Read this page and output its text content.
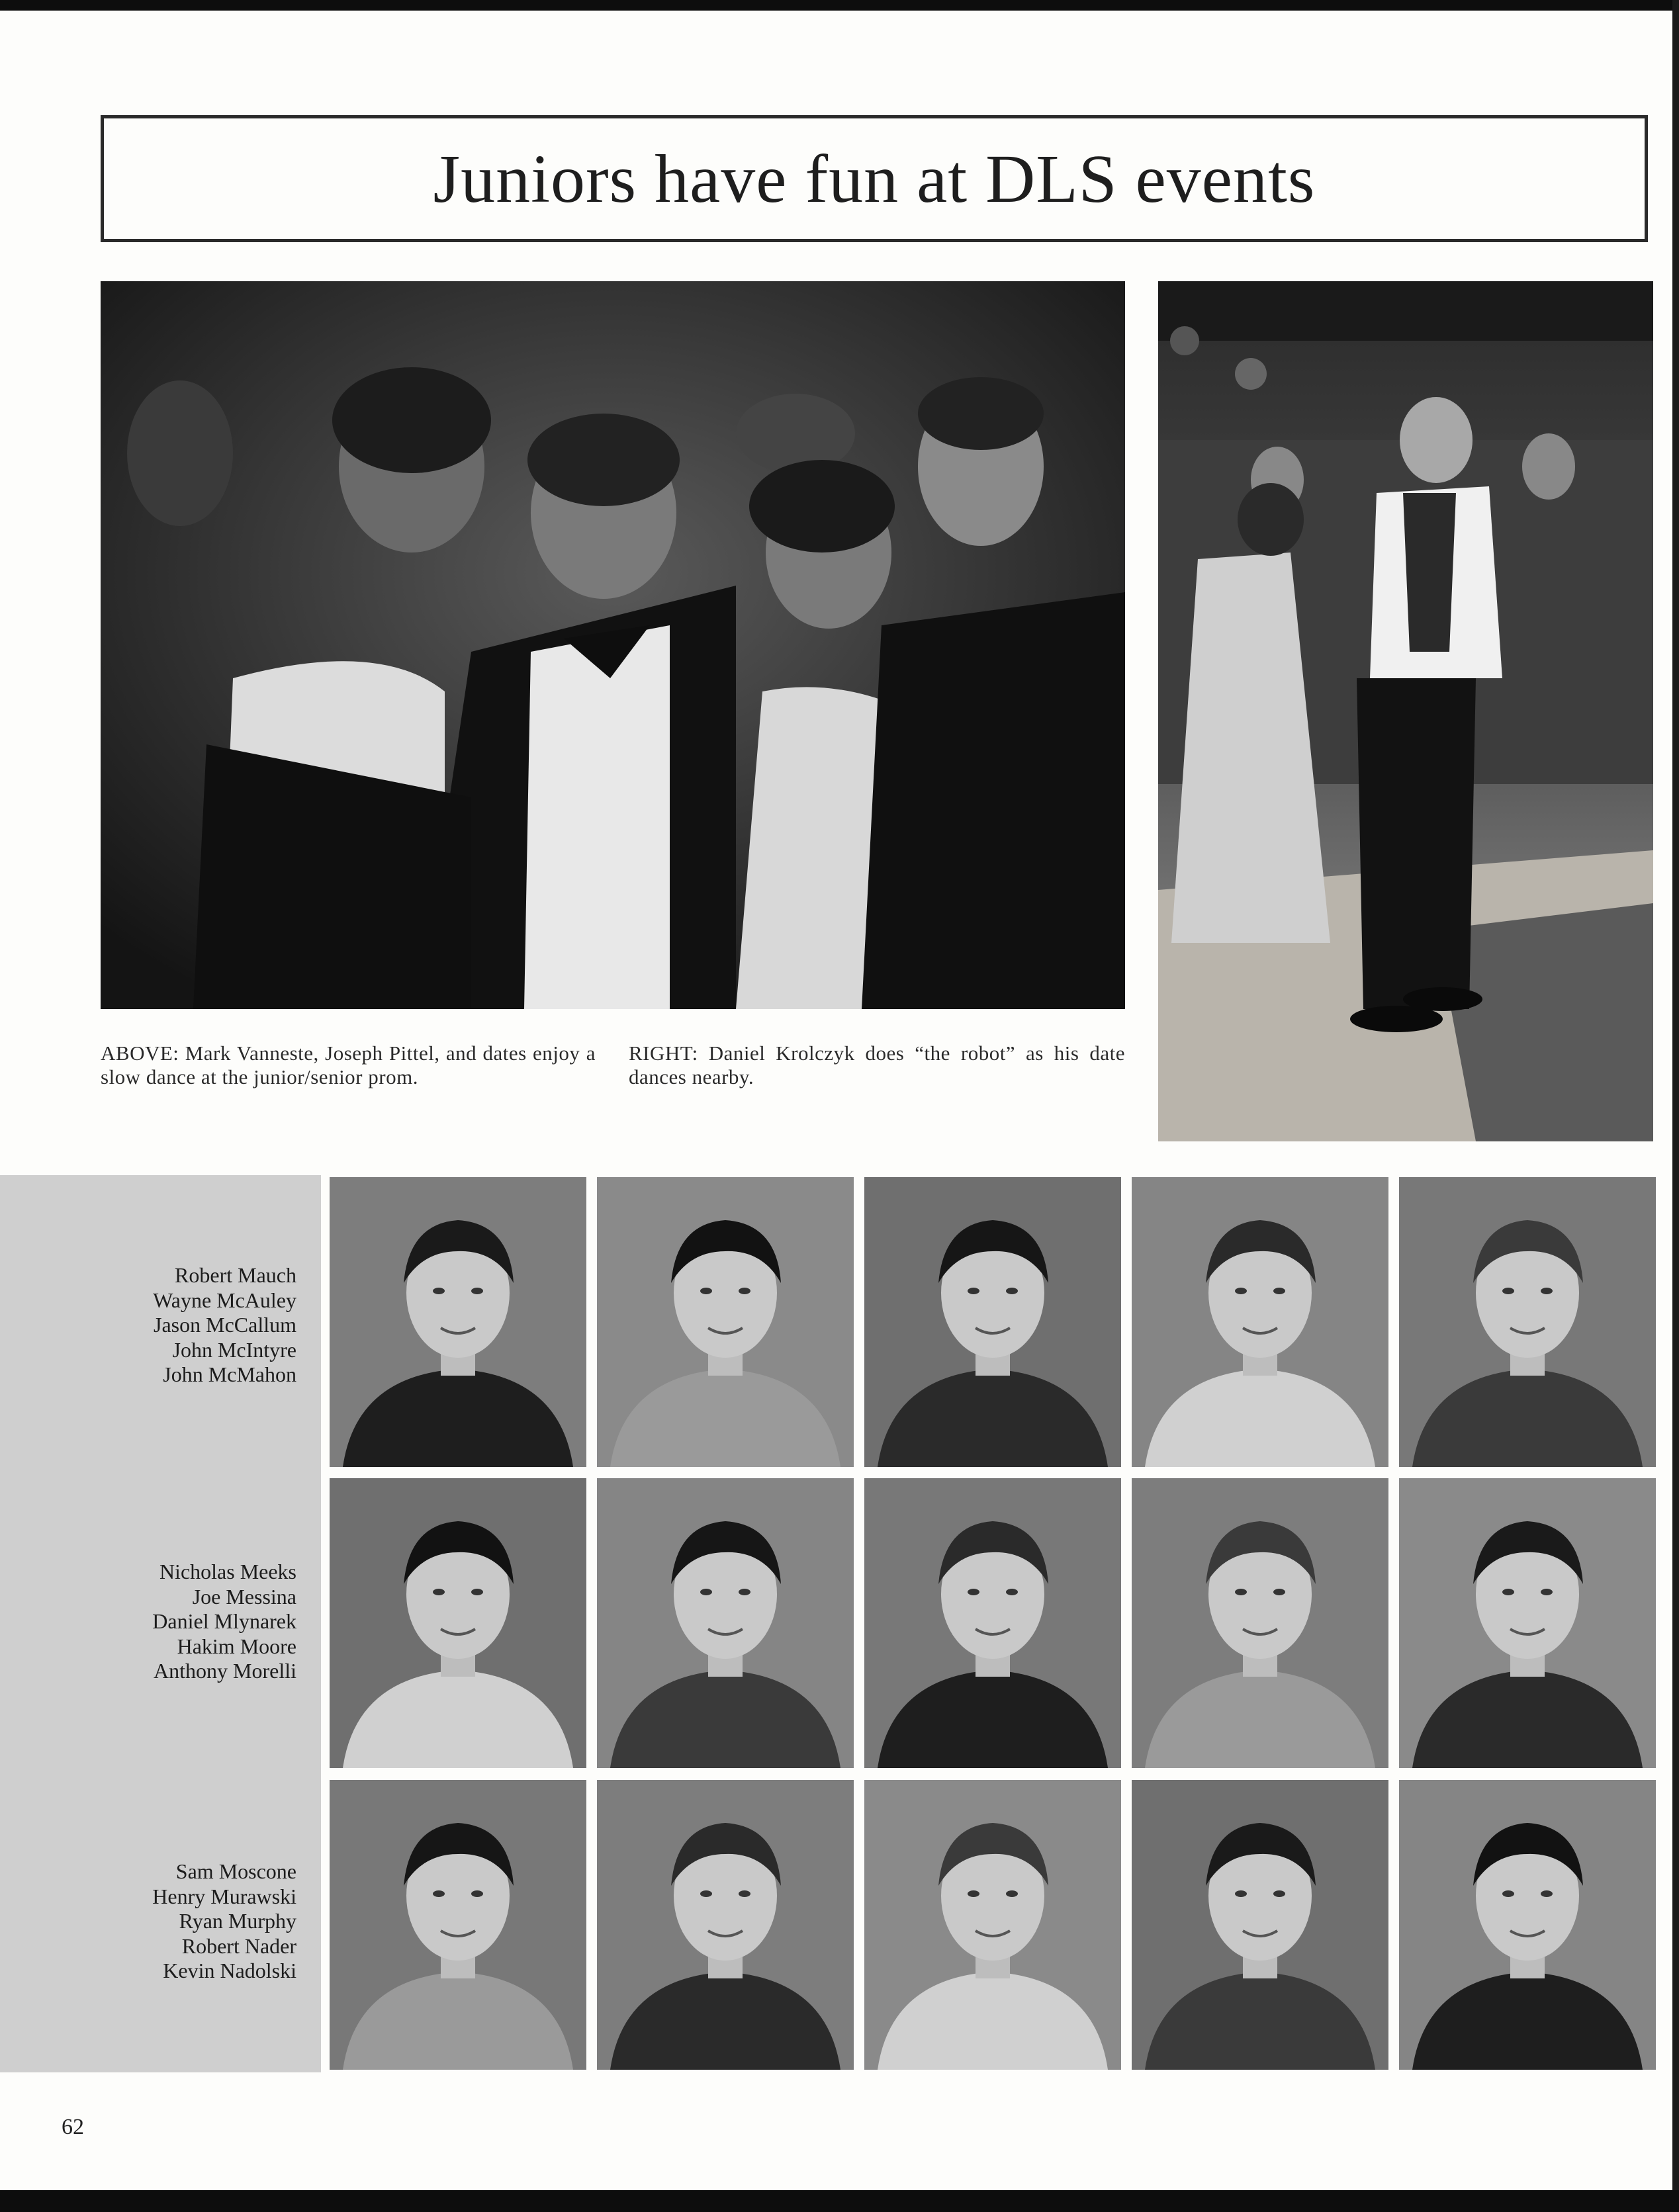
Juniors have fun at DLS events
ABOVE: Mark Vanneste, Joseph Pittel, and dates enjoy a slow dance at the junior/senior prom.
RIGHT: Daniel Krolczyk does “the robot” as his date dances nearby.
Robert Mauch
Wayne McAuley
Jason McCallum
John McIntyre
John McMahon
Nicholas Meeks
Joe Messina
Daniel Mlynarek
Hakim Moore
Anthony Morelli
Sam Moscone
Henry Murawski
Ryan Murphy
Robert Nader
Kevin Nadolski
62
